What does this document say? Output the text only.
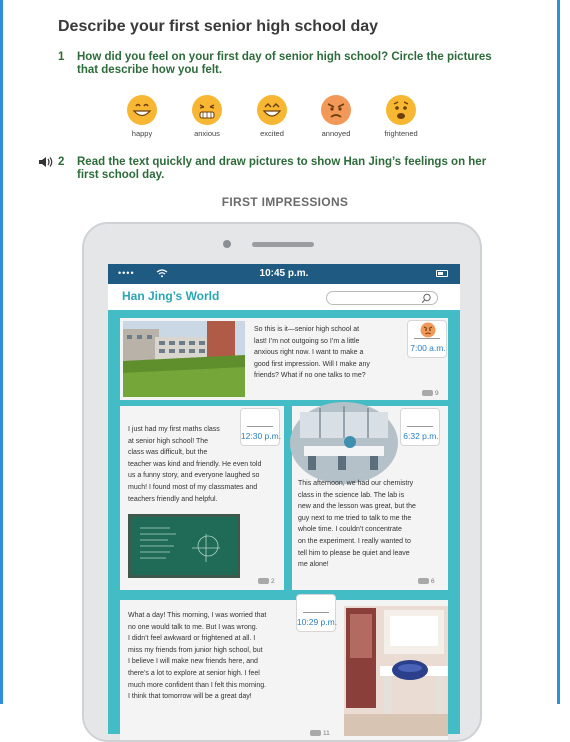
Describe your first senior high school day
1	How did you feel on your first day of senior high school? Circle the pictures that describe how you felt.
happy	anxious	excited	annoyed	frightened
2	Read the text quickly and draw pictures to show Han Jing’s feelings on her first school day.
FIRST IMPRESSIONS
••••	10:45 p.m.
Han Jing’s World
So this is it—senior high school at
last! I’m not outgoing so I’m a little
anxious right now. I want to make a
good first impression. Will I make any
friends? What if no one talks to me?
7:00 a.m.
9
I just had my first maths class
at senior high school! The
class was difficult, but the
teacher was kind and friendly. He even told
us a funny story, and everyone laughed so
much! I found most of my classmates and
teachers friendly and helpful.
12:30 p.m.
2
This afternoon, we had our chemistry
class in the science lab. The lab is
new and the lesson was great, but the
guy next to me tried to talk to me the
whole time. I couldn’t concentrate
on the experiment. I really wanted to
tell him to please be quiet and leave
me alone!
6:32 p.m.
6
What a day! This morning, I was worried that
no one would talk to me. But I was wrong.
I didn’t feel awkward or frightened at all. I
miss my friends from junior high school, but
I believe I will make new friends here, and
there’s a lot to explore at senior high. I feel
much more confident than I felt this morning.
I think that tomorrow will be a great day!
10:29 p.m.
11
